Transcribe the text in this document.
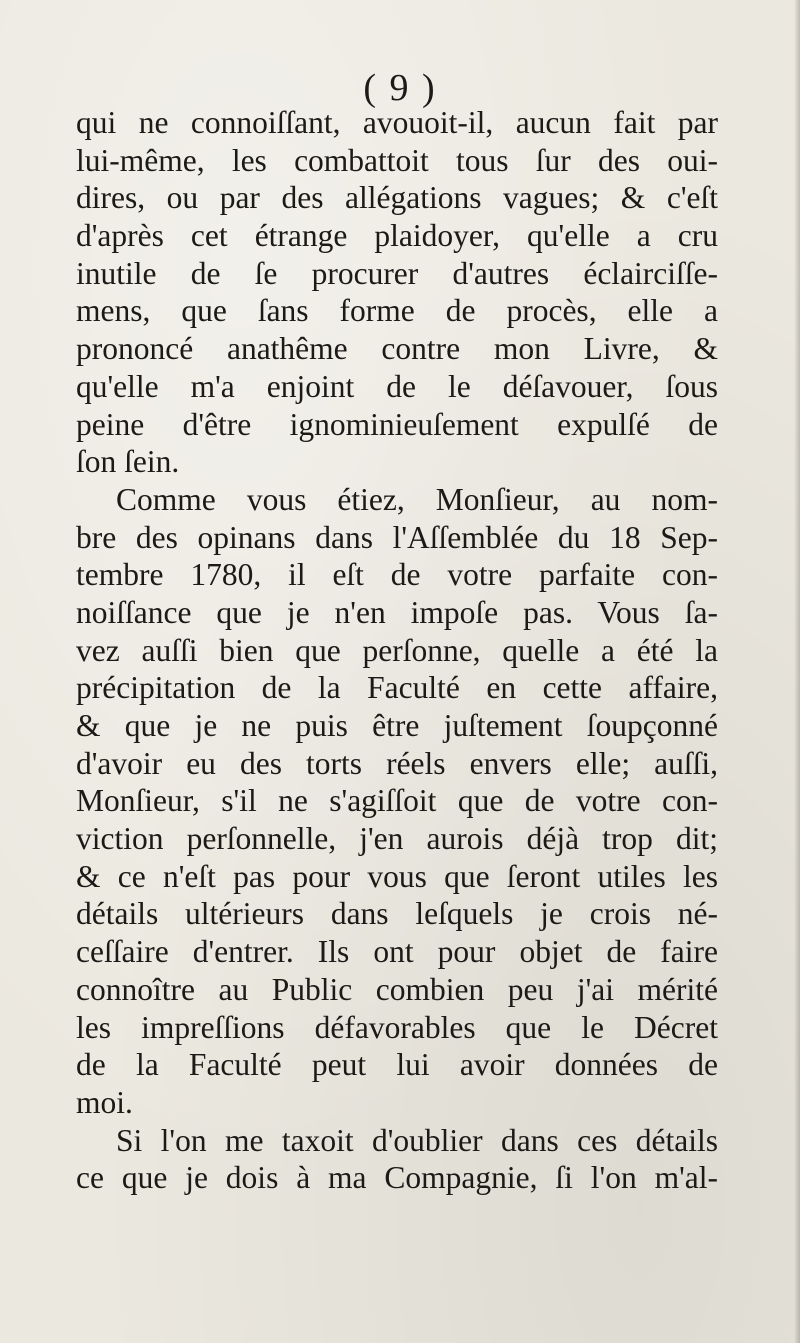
( 9 )
qui ne connoiſſant, avouoit-il, aucun fait par
lui-même, les combattoit tous ſur des oui-
dires, ou par des allégations vagues; & c'eſt
d'après cet étrange plaidoyer, qu'elle a cru
inutile de ſe procurer d'autres éclairciſſe-
mens, que ſans forme de procès, elle a
prononcé anathême contre mon Livre, &
qu'elle m'a enjoint de le déſavouer, ſous
peine d'être ignominieuſement expulſé de
ſon ſein.
Comme vous étiez, Monſieur, au nom-
bre des opinans dans l'Aſſemblée du 18 Sep-
tembre 1780, il eſt de votre parfaite con-
noiſſance que je n'en impoſe pas. Vous ſa-
vez auſſi bien que perſonne, quelle a été la
précipitation de la Faculté en cette affaire,
& que je ne puis être juſtement ſoupçonné
d'avoir eu des torts réels envers elle; auſſi,
Monſieur, s'il ne s'agiſſoit que de votre con-
viction perſonnelle, j'en aurois déjà trop dit;
& ce n'eſt pas pour vous que ſeront utiles les
détails ultérieurs dans leſquels je crois né-
ceſſaire d'entrer. Ils ont pour objet de faire
connoître au Public combien peu j'ai mérité
les impreſſions défavorables que le Décret
de la Faculté peut lui avoir données de
moi.
Si l'on me taxoit d'oublier dans ces détails
ce que je dois à ma Compagnie, ſi l'on m'al-
